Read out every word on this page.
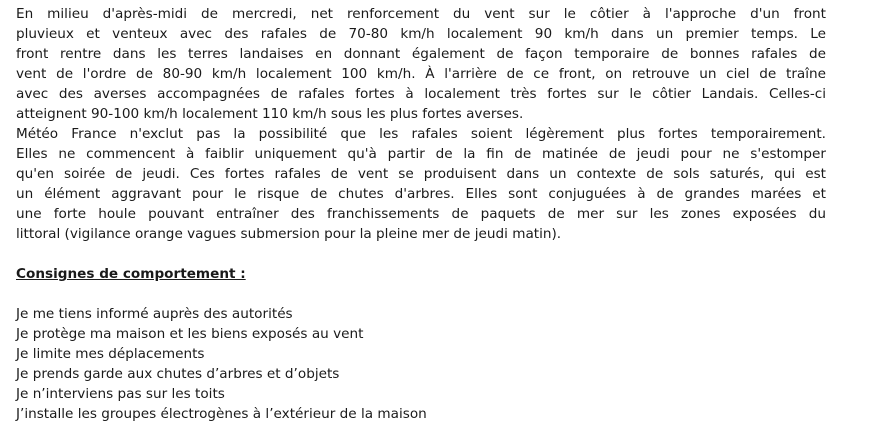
En milieu d'après-midi de mercredi, net renforcement du vent sur le côtier à l'approche d'un front
pluvieux et venteux avec des rafales de 70-80 km/h localement 90 km/h dans un premier temps. Le
front rentre dans les terres landaises en donnant également de façon temporaire de bonnes rafales de
vent de l'ordre de 80-90 km/h localement 100 km/h. À l'arrière de ce front, on retrouve un ciel de traîne
avec des averses accompagnées de rafales fortes à localement très fortes sur le côtier Landais. Celles-ci
atteignent 90-100 km/h localement 110 km/h sous les plus fortes averses.

Météo France n'exclut pas la possibilité que les rafales soient légèrement plus fortes temporairement.
Elles ne commencent à faiblir uniquement qu'à partir de la fin de matinée de jeudi pour ne s'estomper
qu'en soirée de jeudi. Ces fortes rafales de vent se produisent dans un contexte de sols saturés, qui est
un élément aggravant pour le risque de chutes d'arbres. Elles sont conjuguées à de grandes marées et
une forte houle pouvant entraîner des franchissements de paquets de mer sur les zones exposées du
littoral (vigilance orange vagues submersion pour la pleine mer de jeudi matin).

Consignes de comportement :
Je me tiens informé auprès des autorités
Je protège ma maison et les biens exposés au vent
Je limite mes déplacements
Je prends garde aux chutes d’arbres et d’objets
Je n’interviens pas sur les toits
J’installe les groupes électrogènes à l’extérieur de la maison
